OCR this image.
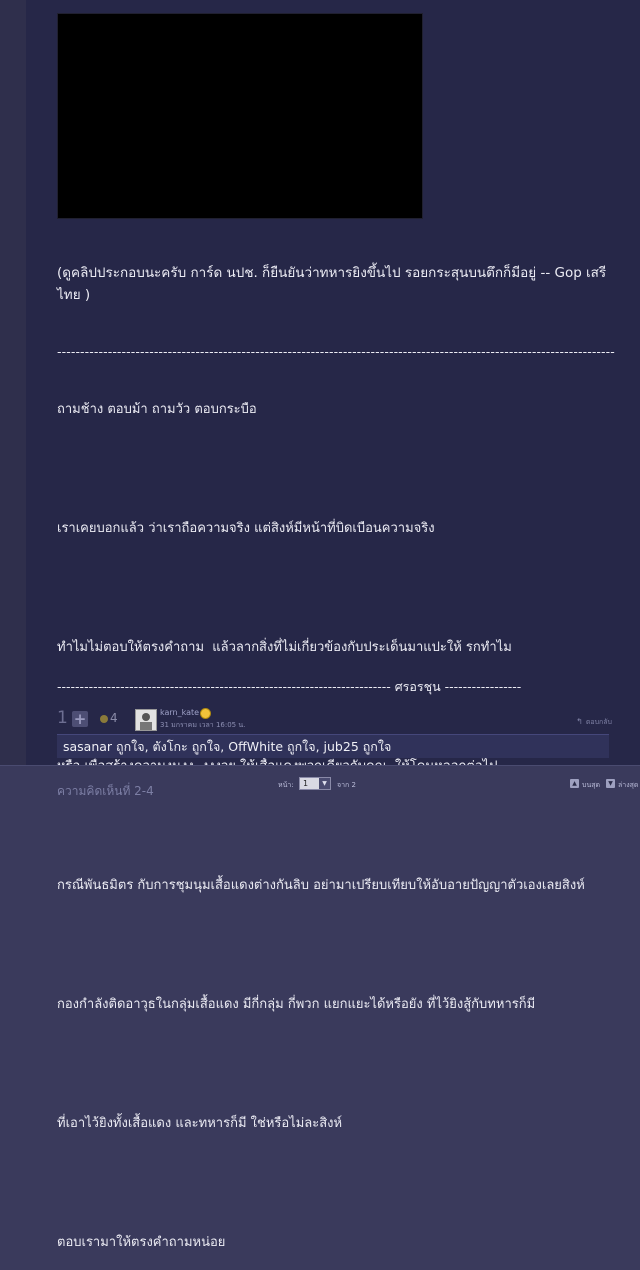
(ดูคลิปประกอบนะครับ การ์ด นปช. ก็ยืนยันว่าทหารยิงขึ้นไป รอยกระสุนบนตึกก็มีอยู่ -- Gop เสรีไทย )

-------------------------------------------------------------------------------------------------------------------------

ถามช้าง ตอบม้า ถามวัว ตอบกระบือ

เราเคยบอกแล้ว ว่าเราถือความจริง แต่สิงห์มีหน้าที่บิดเบือนความจริง

ทำไมไม่ตอบให้ตรงคำถาม  แล้วลากสิ่งที่ไม่เกี่ยวข้องกับประเด็นมาแปะให้ รกทำไม

กรณีพันธมิตร กับการชุมนุมเสื้อแดงต่างกันลิบ อย่ามาเปรียบเทียบให้อับอายปัญญาตัวเองเลยสิงห์

กองกำลังติดอาวุธในกลุ่มเสื้อแดง มีกี่กลุ่ม กี่พวก แยกแยะได้หรือยัง ที่ไว้ยิงสู้กับทหารก็มี

ที่เอาไว้ยิงทั้งเสื้อแดง และทหารก็มี ใช่หรือไม่ละสิงห์

ตอบเรามาให้ตรงคำถามหน่อย

-------------------------------------------------------------------------- ศรอรชุน -----------------
1 + 4	karn_kate
31 มกราคม เวลา 16:05 น.	↰ ตอบกลับ
sasanar ถูกใจ, ตังโกะ ถูกใจ, OffWhite ถูกใจ, jub25 ถูกใจ
ความคิดเห็นที่ 2-4	หน้า:	1	▼	จาก 2	▲ บนสุด	▼ ล่างสุด
